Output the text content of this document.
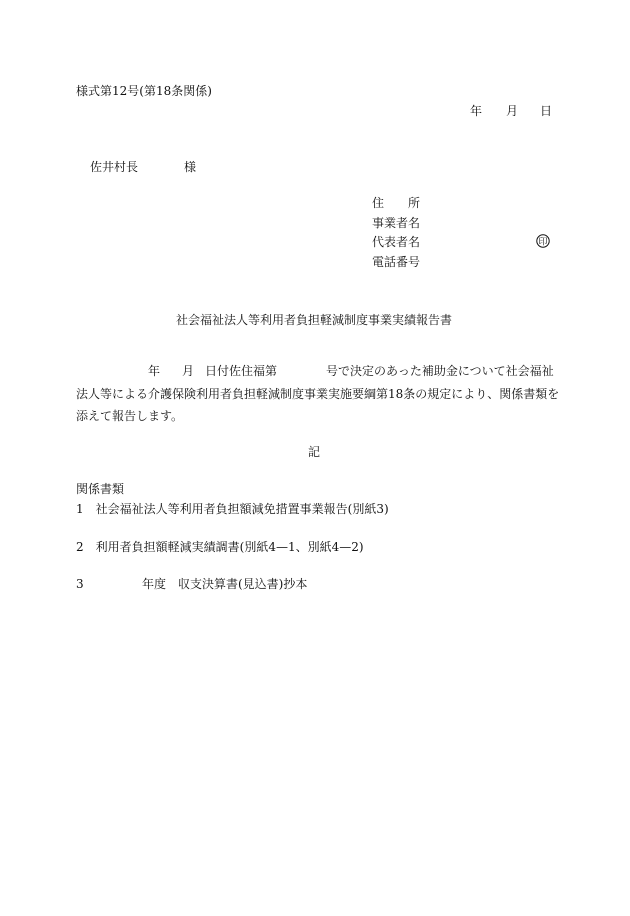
様式第12号(第18条関係)
年 月 日
佐井村長	様
住　　所
事業者名
代表者名	印
電話番号
社会福祉法人等利用者負担軽減制度事業実績報告書
年 月 日付佐住福第	号で決定のあった補助金について社会福祉
法人等による介護保険利用者負担軽減制度事業実施要綱第18条の規定により、関係書類を
添えて報告します。
記
関係書類
1　社会福祉法人等利用者負担額減免措置事業報告(別紙3)
2　利用者負担額軽減実績調書(別紙4—1、別紙4—2)
3	年度　収支決算書(見込書)抄本
